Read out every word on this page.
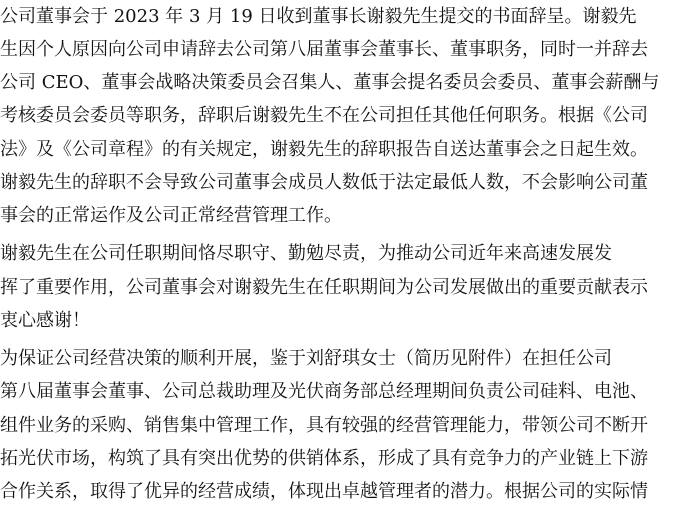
公司董事会于 2023 年 3 月 19 日收到董事长谢毅先生提交的书面辞呈。谢毅先
生因个人原因向公司申请辞去公司第八届董事会董事长、董事职务，同时一并辞去
公司 CEO、董事会战略决策委员会召集人、董事会提名委员会委员、董事会薪酬与
考核委员会委员等职务，辞职后谢毅先生不在公司担任其他任何职务。根据《公司
法》及《公司章程》的有关规定，谢毅先生的辞职报告自送达董事会之日起生效。
谢毅先生的辞职不会导致公司董事会成员人数低于法定最低人数，不会影响公司董
事会的正常运作及公司正常经营管理工作。
谢毅先生在公司任职期间恪尽职守、勤勉尽责，为推动公司近年来高速发展发
挥了重要作用，公司董事会对谢毅先生在任职期间为公司发展做出的重要贡献表示
衷心感谢！
为保证公司经营决策的顺利开展，鉴于刘舒琪女士（简历见附件）在担任公司
第八届董事会董事、公司总裁助理及光伏商务部总经理期间负责公司硅料、电池、
组件业务的采购、销售集中管理工作，具有较强的经营管理能力，带领公司不断开
拓光伏市场，构筑了具有突出优势的供销体系，形成了具有竞争力的产业链上下游
合作关系，取得了优异的经营成绩，体现出卓越管理者的潜力。根据公司的实际情
